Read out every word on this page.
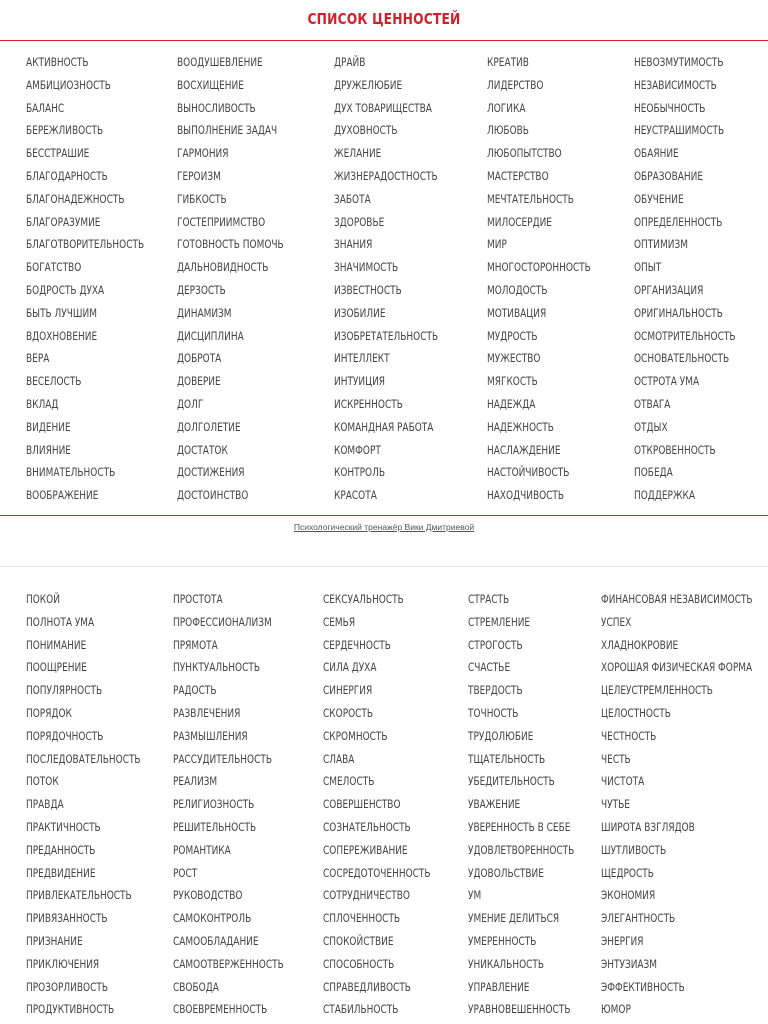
СПИСОК ЦЕННОСТЕЙ
АКТИВНОСТЬ
АМБИЦИОЗНОСТЬ
БАЛАНС
БЕРЕЖЛИВОСТЬ
БЕССТРАШИЕ
БЛАГОДАРНОСТЬ
БЛАГОНАДЕЖНОСТЬ
БЛАГОРАЗУМИЕ
БЛАГОТВОРИТЕЛЬНОСТЬ
БОГАТСТВО
БОДРОСТЬ ДУХА
БЫТЬ ЛУЧШИМ
ВДОХНОВЕНИЕ
ВЕРА
ВЕСЕЛОСТЬ
ВКЛАД
ВИДЕНИЕ
ВЛИЯНИЕ
ВНИМАТЕЛЬНОСТЬ
ВООБРАЖЕНИЕ
ВООДУШЕВЛЕНИЕ
ВОСХИЩЕНИЕ
ВЫНОСЛИВОСТЬ
ВЫПОЛНЕНИЕ ЗАДАЧ
ГАРМОНИЯ
ГЕРОИЗМ
ГИБКОСТЬ
ГОСТЕПРИИМСТВО
ГОТОВНОСТЬ ПОМОЧЬ
ДАЛЬНОВИДНОСТЬ
ДЕРЗОСТЬ
ДИНАМИЗМ
ДИСЦИПЛИНА
ДОБРОТА
ДОВЕРИЕ
ДОЛГ
ДОЛГОЛЕТИЕ
ДОСТАТОК
ДОСТИЖЕНИЯ
ДОСТОИНСТВО
ДРАЙВ
ДРУЖЕЛЮБИЕ
ДУХ ТОВАРИЩЕСТВА
ДУХОВНОСТЬ
ЖЕЛАНИЕ
ЖИЗНЕРАДОСТНОСТЬ
ЗАБОТА
ЗДОРОВЬЕ
ЗНАНИЯ
ЗНАЧИМОСТЬ
ИЗВЕСТНОСТЬ
ИЗОБИЛИЕ
ИЗОБРЕТАТЕЛЬНОСТЬ
ИНТЕЛЛЕКТ
ИНТУИЦИЯ
ИСКРЕННОСТЬ
КОМАНДНАЯ РАБОТА
КОМФОРТ
КОНТРОЛЬ
КРАСОТА
КРЕАТИВ
ЛИДЕРСТВО
ЛОГИКА
ЛЮБОВЬ
ЛЮБОПЫТСТВО
МАСТЕРСТВО
МЕЧТАТЕЛЬНОСТЬ
МИЛОСЕРДИЕ
МИР
МНОГОСТОРОННОСТЬ
МОЛОДОСТЬ
МОТИВАЦИЯ
МУДРОСТЬ
МУЖЕСТВО
МЯГКОСТЬ
НАДЕЖДА
НАДЕЖНОСТЬ
НАСЛАЖДЕНИЕ
НАСТОЙЧИВОСТЬ
НАХОДЧИВОСТЬ
НЕВОЗМУТИМОСТЬ
НЕЗАВИСИМОСТЬ
НЕОБЫЧНОСТЬ
НЕУСТРАШИМОСТЬ
ОБАЯНИЕ
ОБРАЗОВАНИЕ
ОБУЧЕНИЕ
ОПРЕДЕЛЕННОСТЬ
ОПТИМИЗМ
ОПЫТ
ОРГАНИЗАЦИЯ
ОРИГИНАЛЬНОСТЬ
ОСМОТРИТЕЛЬНОСТЬ
ОСНОВАТЕЛЬНОСТЬ
ОСТРОТА УМА
ОТВАГА
ОТДЫХ
ОТКРОВЕННОСТЬ
ПОБЕДА
ПОДДЕРЖКА
Психологический тренажёр Вики Дмитриевой
ПОКОЙ
ПОЛНОТА УМА
ПОНИМАНИЕ
ПООЩРЕНИЕ
ПОПУЛЯРНОСТЬ
ПОРЯДОК
ПОРЯДОЧНОСТЬ
ПОСЛЕДОВАТЕЛЬНОСТЬ
ПОТОК
ПРАВДА
ПРАКТИЧНОСТЬ
ПРЕДАННОСТЬ
ПРЕДВИДЕНИЕ
ПРИВЛЕКАТЕЛЬНОСТЬ
ПРИВЯЗАННОСТЬ
ПРИЗНАНИЕ
ПРИКЛЮЧЕНИЯ
ПРОЗОРЛИВОСТЬ
ПРОДУКТИВНОСТЬ
ПРОСТОТА
ПРОФЕССИОНАЛИЗМ
ПРЯМОТА
ПУНКТУАЛЬНОСТЬ
РАДОСТЬ
РАЗВЛЕЧЕНИЯ
РАЗМЫШЛЕНИЯ
РАССУДИТЕЛЬНОСТЬ
РЕАЛИЗМ
РЕЛИГИОЗНОСТЬ
РЕШИТЕЛЬНОСТЬ
РОМАНТИКА
РОСТ
РУКОВОДСТВО
САМОКОНТРОЛЬ
САМООБЛАДАНИЕ
САМООТВЕРЖЕННОСТЬ
СВОБОДА
СВОЕВРЕМЕННОСТЬ
СЕКСУАЛЬНОСТЬ
СЕМЬЯ
СЕРДЕЧНОСТЬ
СИЛА ДУХА
СИНЕРГИЯ
СКОРОСТЬ
СКРОМНОСТЬ
СЛАВА
СМЕЛОСТЬ
СОВЕРШЕНСТВО
СОЗНАТЕЛЬНОСТЬ
СОПЕРЕЖИВАНИЕ
СОСРЕДОТОЧЕННОСТЬ
СОТРУДНИЧЕСТВО
СПЛОЧЕННОСТЬ
СПОКОЙСТВИЕ
СПОСОБНОСТЬ
СПРАВЕДЛИВОСТЬ
СТАБИЛЬНОСТЬ
СТРАСТЬ
СТРЕМЛЕНИЕ
СТРОГОСТЬ
СЧАСТЬЕ
ТВЕРДОСТЬ
ТОЧНОСТЬ
ТРУДОЛЮБИЕ
ТЩАТЕЛЬНОСТЬ
УБЕДИТЕЛЬНОСТЬ
УВАЖЕНИЕ
УВЕРЕННОСТЬ В СЕБЕ
УДОВЛЕТВОРЕННОСТЬ
УДОВОЛЬСТВИЕ
УМ
УМЕНИЕ ДЕЛИТЬСЯ
УМЕРЕННОСТЬ
УНИКАЛЬНОСТЬ
УПРАВЛЕНИЕ
УРАВНОВЕШЕННОСТЬ
ФИНАНСОВАЯ НЕЗАВИСИМОСТЬ
УСПЕХ
ХЛАДНОКРОВИЕ
ХОРОШАЯ ФИЗИЧЕСКАЯ ФОРМА
ЦЕЛЕУСТРЕМЛЕННОСТЬ
ЦЕЛОСТНОСТЬ
ЧЕСТНОСТЬ
ЧЕСТЬ
ЧИСТОТА
ЧУТЬЕ
ШИРОТА ВЗГЛЯДОВ
ШУТЛИВОСТЬ
ЩЕДРОСТЬ
ЭКОНОМИЯ
ЭЛЕГАНТНОСТЬ
ЭНЕРГИЯ
ЭНТУЗИАЗМ
ЭФФЕКТИВНОСТЬ
ЮМОР
